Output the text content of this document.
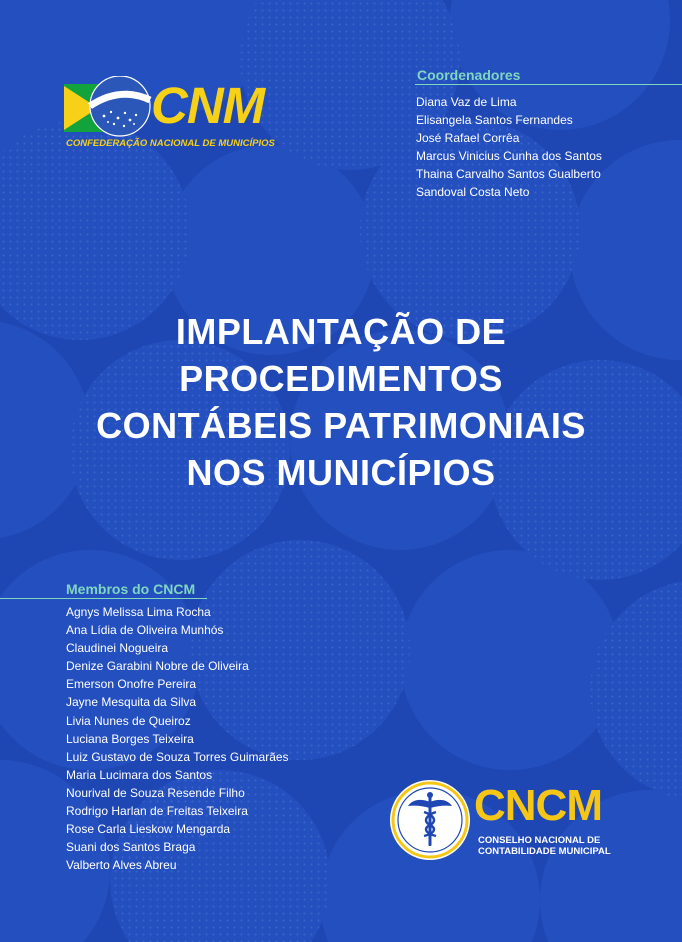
CNM
CONFEDERAÇÃO NACIONAL DE MUNICÍPIOS
Coordenadores
Diana Vaz de Lima
Elisangela Santos Fernandes
José Rafael Corrêa
Marcus Vinicius Cunha dos Santos
Thaina Carvalho Santos Gualberto
Sandoval Costa Neto
IMPLANTAÇÃO DE
PROCEDIMENTOS
CONTÁBEIS PATRIMONIAIS
NOS MUNICÍPIOS
Membros do CNCM
Agnys Melissa Lima Rocha
Ana Lídia de Oliveira Munhós
Claudinei Nogueira
Denize Garabini Nobre de Oliveira
Emerson Onofre Pereira
Jayne Mesquita da Silva
Livia Nunes de Queiroz
Luciana Borges Teixeira
Luiz Gustavo de Souza Torres Guimarães
Maria Lucimara dos Santos
Nourival de Souza Resende Filho
Rodrigo Harlan de Freitas Teixeira
Rose Carla Lieskow Mengarda
Suani dos Santos Braga
Valberto Alves Abreu
CNCM
CONSELHO NACIONAL DE
CONTABILIDADE MUNICIPAL
